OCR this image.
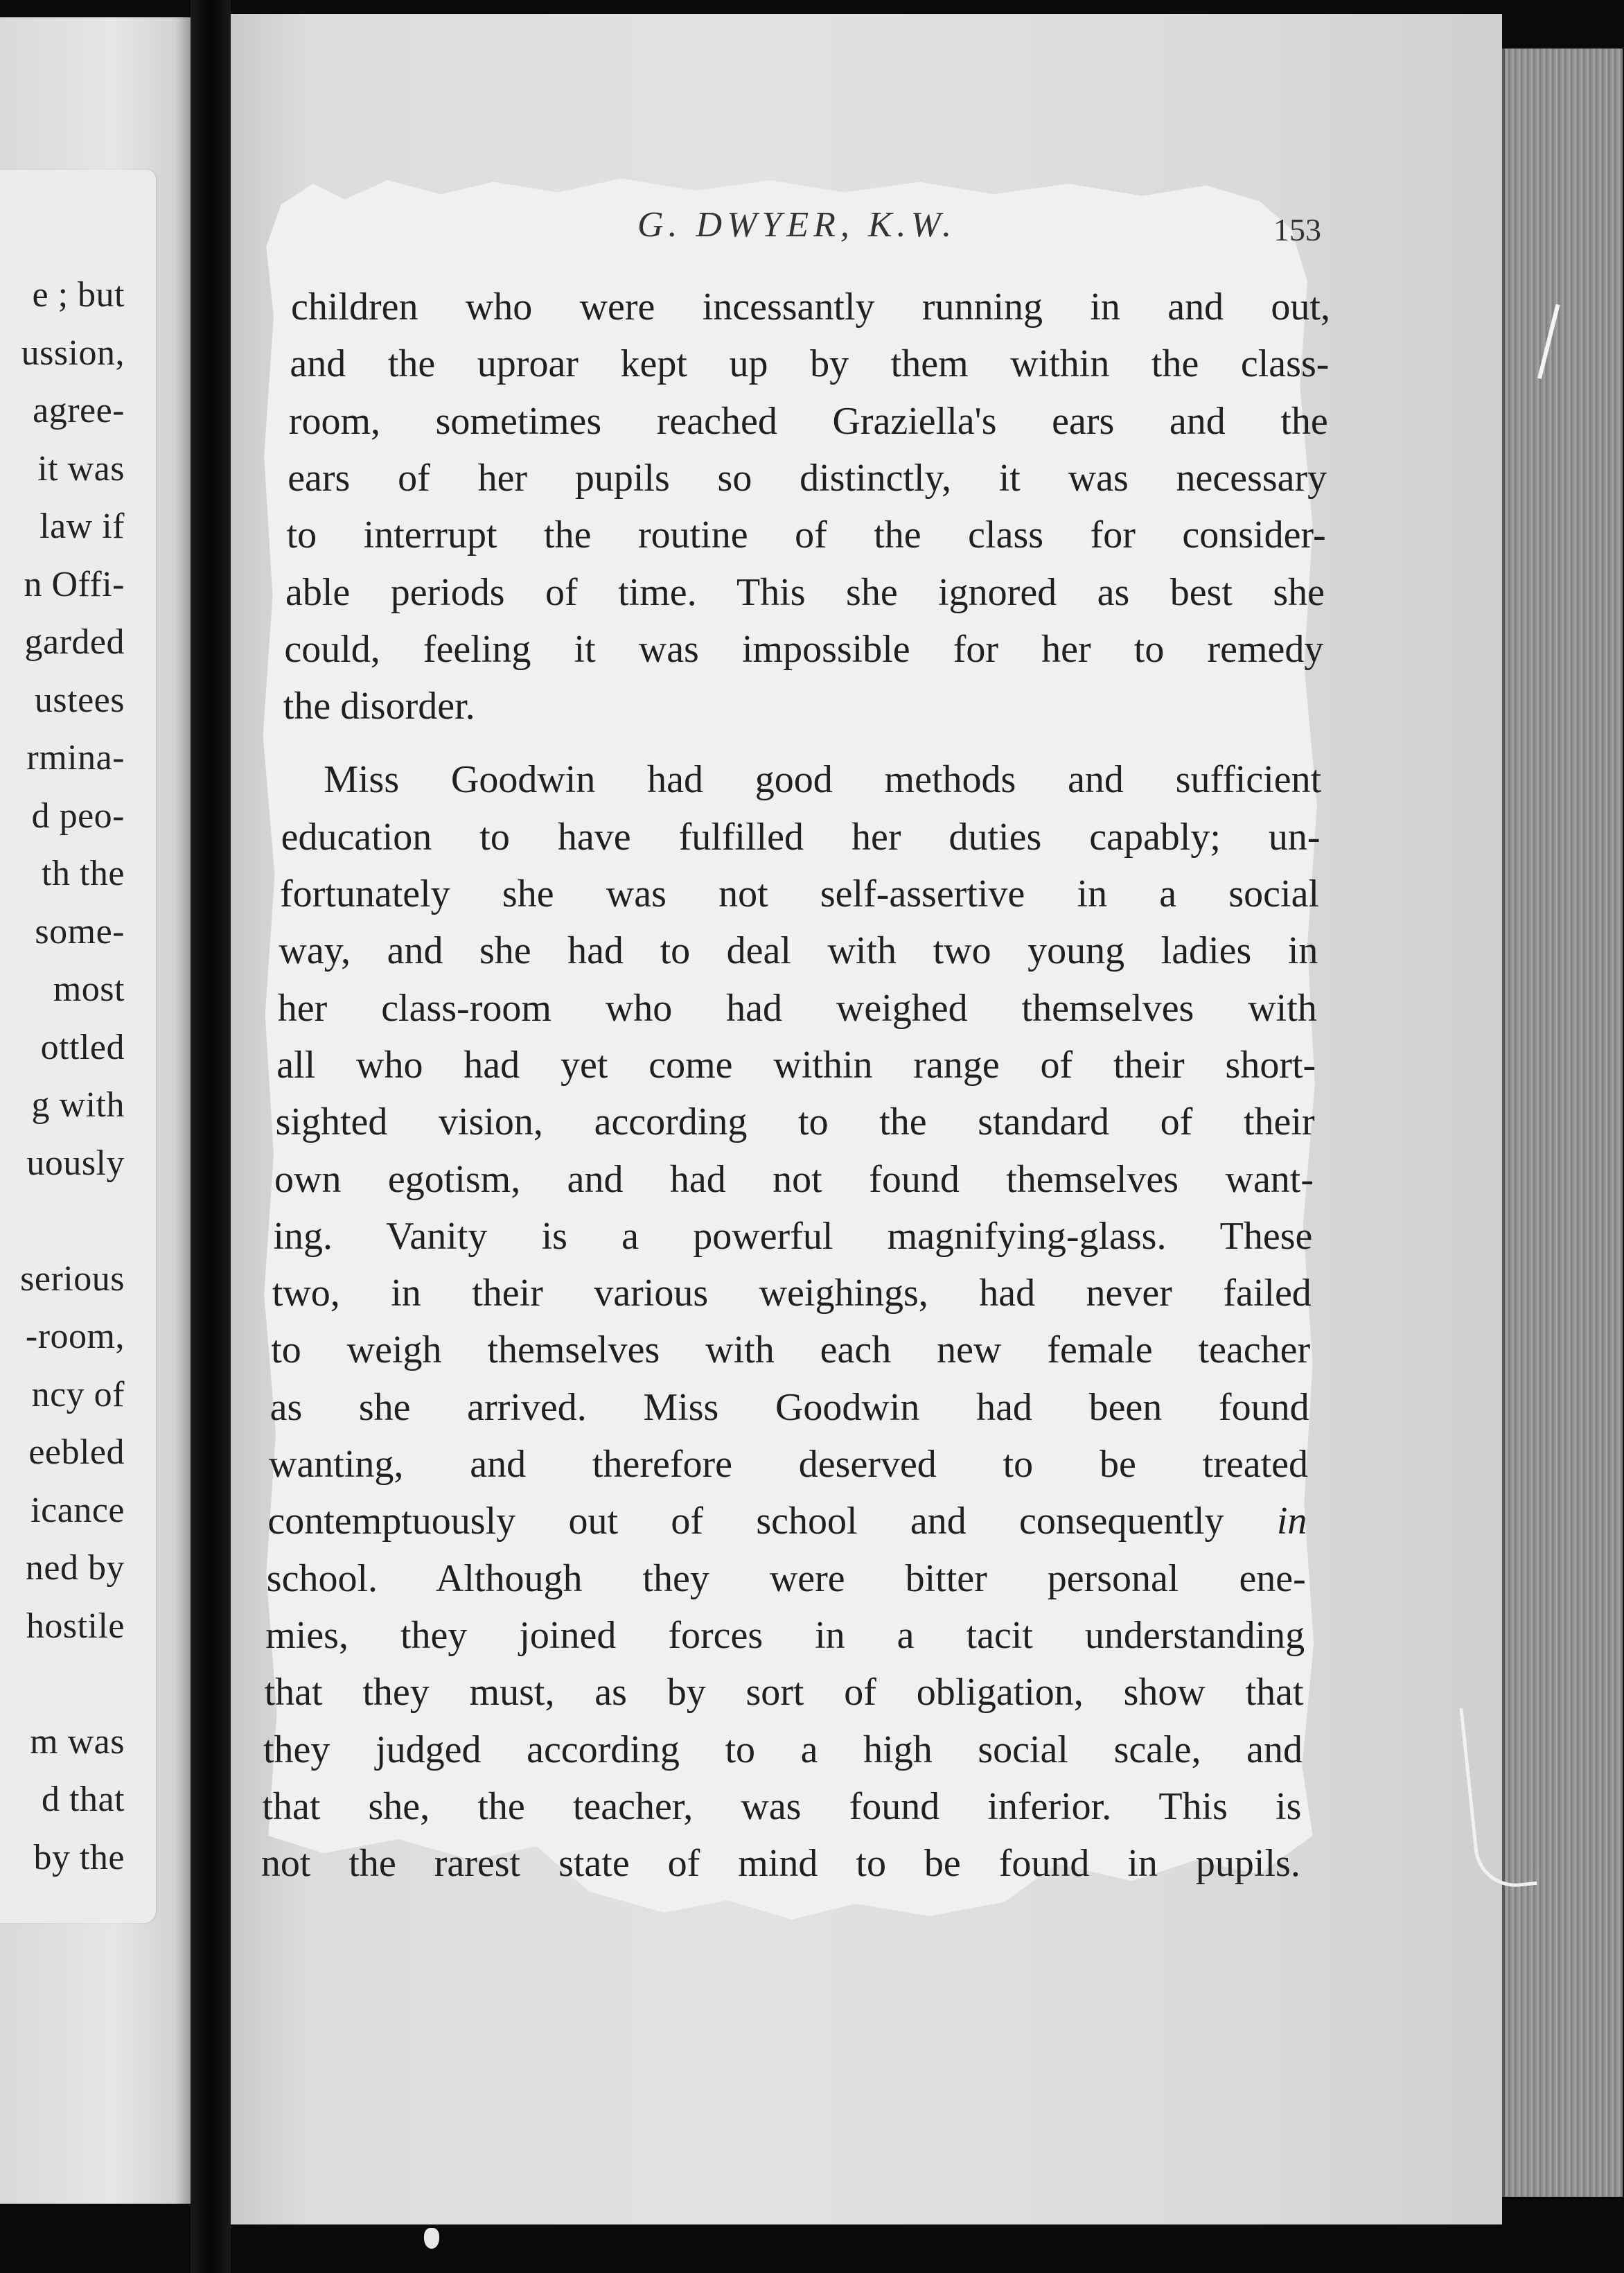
e ; but
ussion,
agree-
it was
law if
n Offi-
garded
ustees
rmina-
d peo-
th the
some-
most
ottled
g with
uously
serious
-room,
ncy of
eebled
icance
ned by
hostile
m was
d that
by the
G. DWYER, K.W.	153
children who were incessantly running in and out,
and the uproar kept up by them within the class-
room, sometimes reached Graziella's ears and the
ears of her pupils so distinctly, it was necessary
to interrupt the routine of the class for consider-
able periods of time. This she ignored as best she
could, feeling it was impossible for her to remedy
the disorder.
Miss Goodwin had good methods and sufficient
education to have fulfilled her duties capably; un-
fortunately she was not self-assertive in a social
way, and she had to deal with two young ladies in
her class-room who had weighed themselves with
all who had yet come within range of their short-
sighted vision, according to the standard of their
own egotism, and had not found themselves want-
ing. Vanity is a powerful magnifying-glass. These
two, in their various weighings, had never failed
to weigh themselves with each new female teacher
as she arrived. Miss Goodwin had been found
wanting, and therefore deserved to be treated
contemptuously out of school and consequently in
school. Although they were bitter personal ene-
mies, they joined forces in a tacit understanding
that they must, as by sort of obligation, show that
they judged according to a high social scale, and
that she, the teacher, was found inferior. This is
not the rarest state of mind to be found in pupils.
